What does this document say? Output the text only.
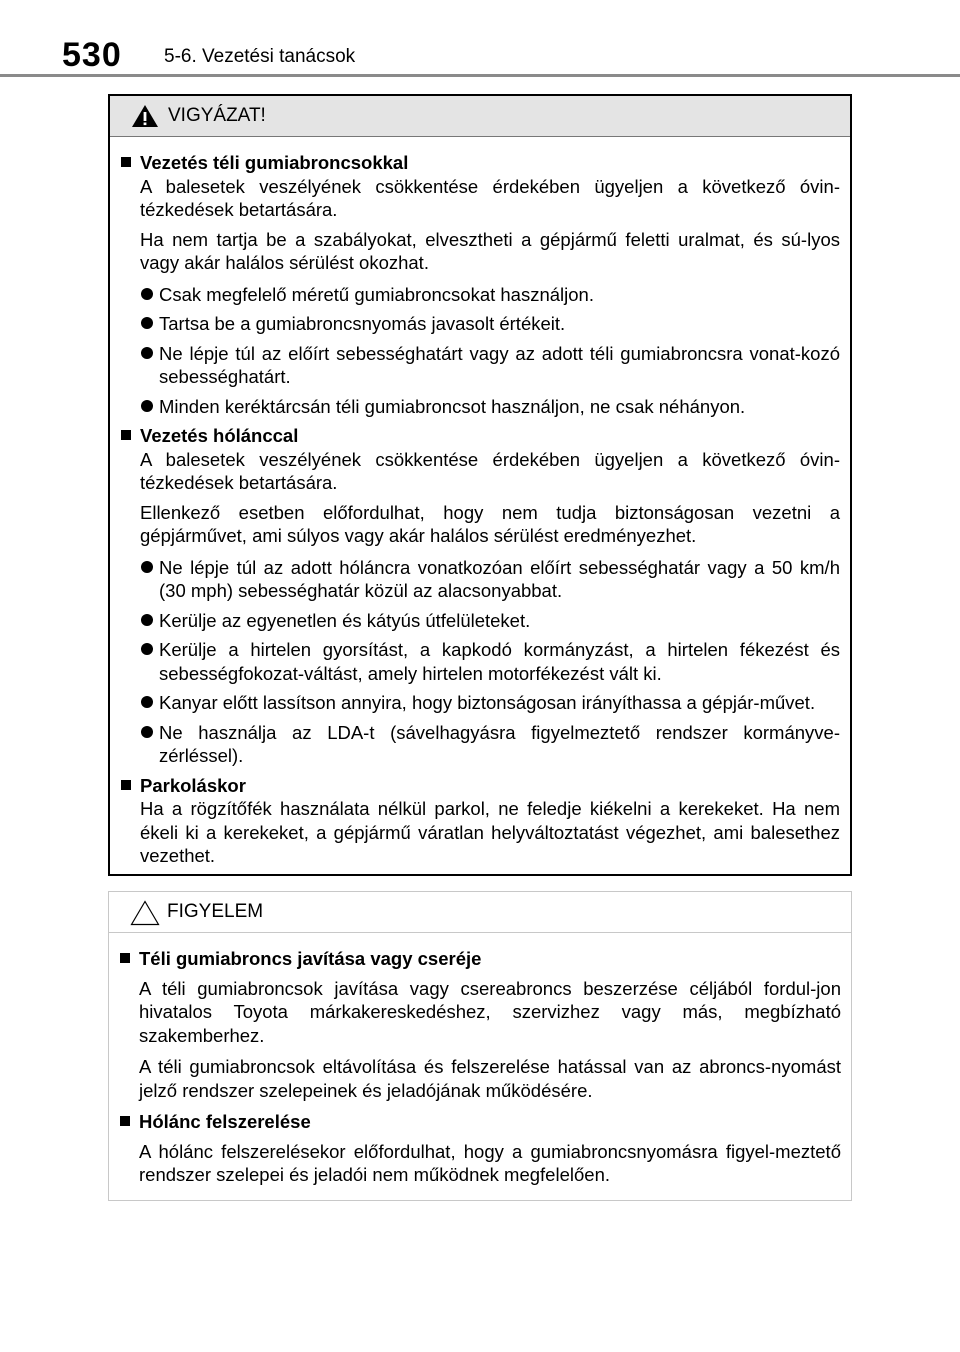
530 5-6. Vezetési tanácsok
VIGYÁZAT!
Vezetés téli gumiabroncsokkal
A balesetek veszélyének csökkentése érdekében ügyeljen a következő óvin-tézkedések betartására.
Ha nem tartja be a szabályokat, elvesztheti a gépjármű feletti uralmat, és sú-lyos vagy akár halálos sérülést okozhat.
Csak megfelelő méretű gumiabroncsokat használjon.
Tartsa be a gumiabroncsnyomás javasolt értékeit.
Ne lépje túl az előírt sebességhatárt vagy az adott téli gumiabroncsra vonat-kozó sebességhatárt.
Minden keréktárcsán téli gumiabroncsot használjon, ne csak néhányon.
Vezetés hólánccal
A balesetek veszélyének csökkentése érdekében ügyeljen a következő óvin-tézkedések betartására.
Ellenkező esetben előfordulhat, hogy nem tudja biztonságosan vezetni a gépjárművet, ami súlyos vagy akár halálos sérülést eredményezhet.
Ne lépje túl az adott hóláncra vonatkozóan előírt sebességhatár vagy a 50 km/h (30 mph) sebességhatár közül az alacsonyabbat.
Kerülje az egyenetlen és kátyús útfelületeket.
Kerülje a hirtelen gyorsítást, a kapkodó kormányzást, a hirtelen fékezést és sebességfokozat-váltást, amely hirtelen motorfékezést vált ki.
Kanyar előtt lassítson annyira, hogy biztonságosan irányíthassa a gépjár-művet.
Ne használja az LDA-t (sávelhagyásra figyelmeztető rendszer kormányve-zérléssel).
Parkoláskor
Ha a rögzítőfék használata nélkül parkol, ne feledje kiékelni a kerekeket. Ha nem ékeli ki a kerekeket, a gépjármű váratlan helyváltoztatást végezhet, ami balesethez vezethet.
FIGYELEM
Téli gumiabroncs javítása vagy cseréje
A téli gumiabroncsok javítása vagy csereabroncs beszerzése céljából fordul-jon hivatalos Toyota márkakereskedéshez, szervizhez vagy más, megbízható szakemberhez.
A téli gumiabroncsok eltávolítása és felszerelése hatással van az abroncs-nyomást jelző rendszer szelepeinek és jeladójának működésére.
Hólánc felszerelése
A hólánc felszerelésekor előfordulhat, hogy a gumiabroncsnyomásra figyel-meztető rendszer szelepei és jeladói nem működnek megfelelően.
